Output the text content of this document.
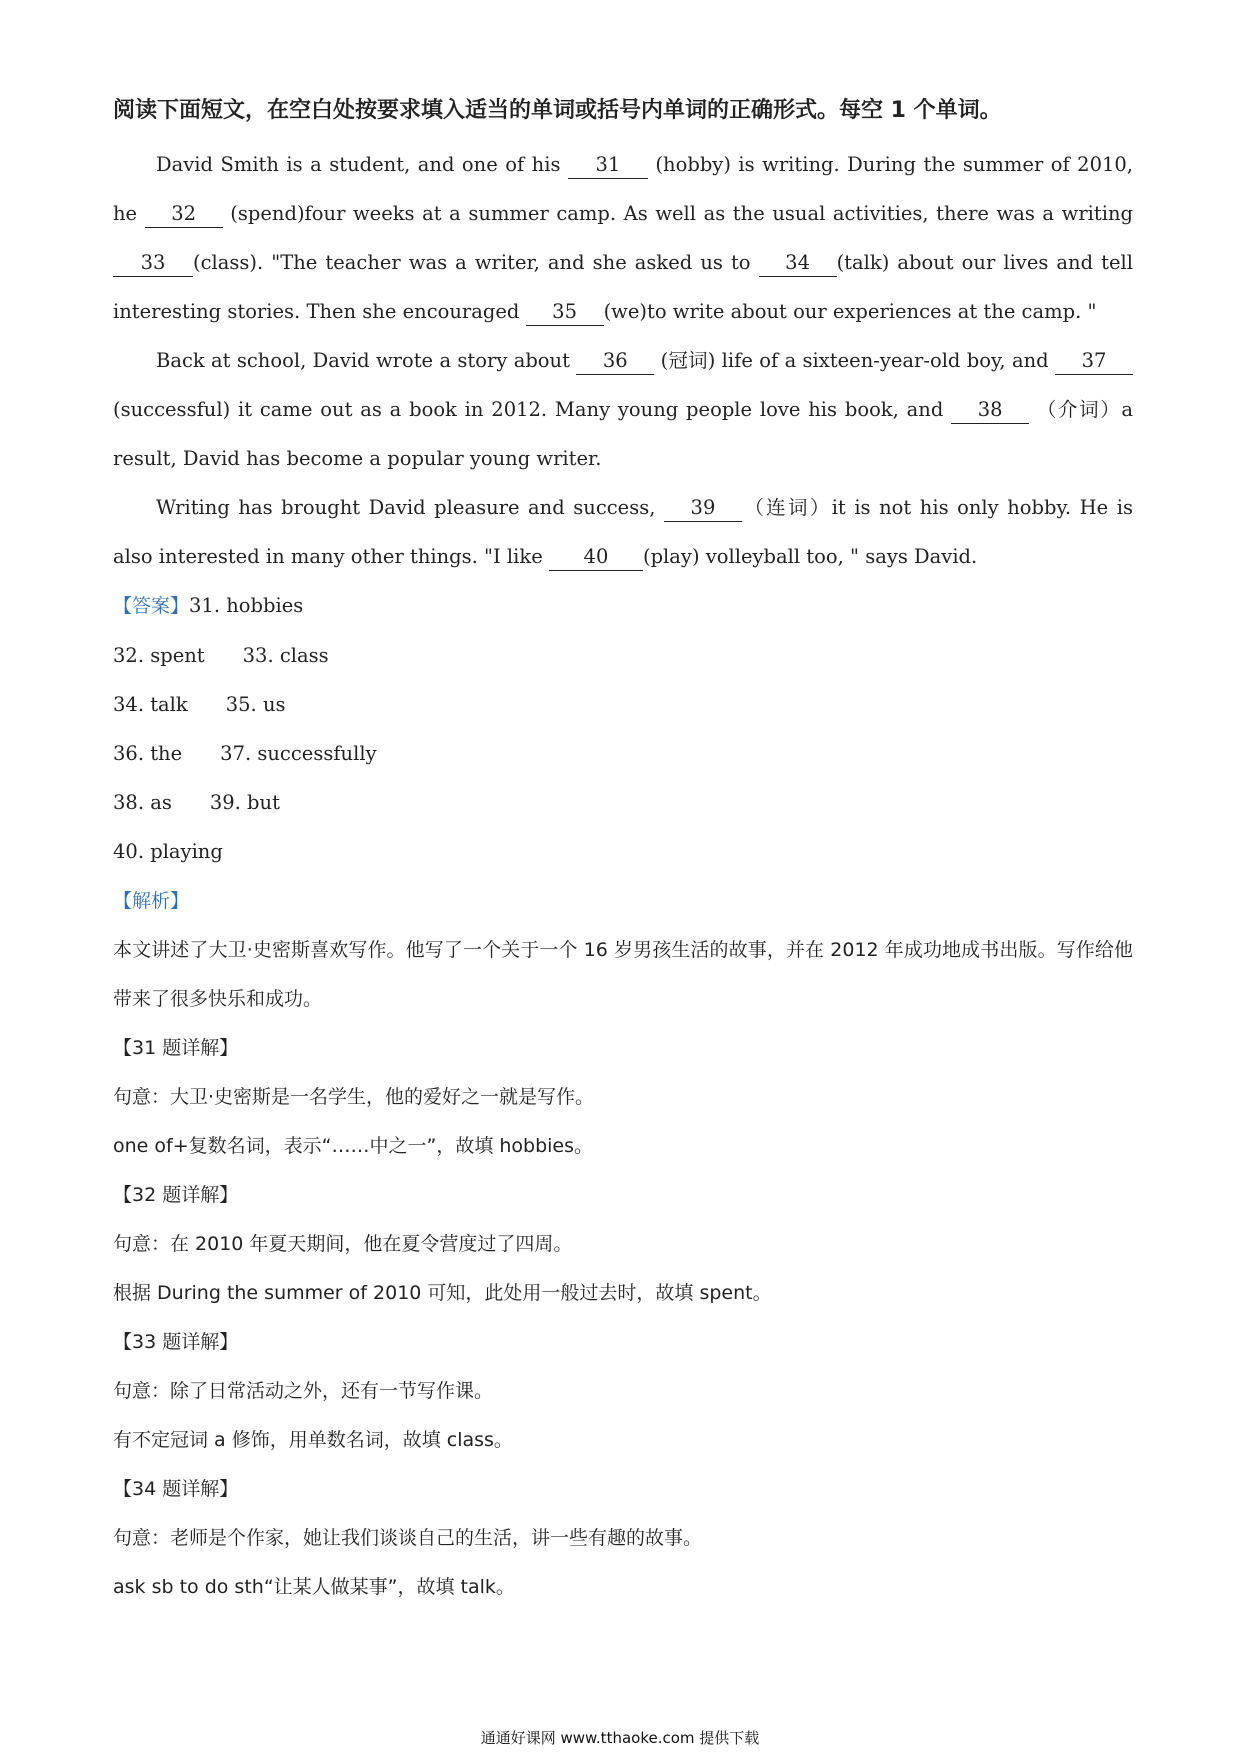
阅读下面短文，在空白处按要求填入适当的单词或括号内单词的正确形式。每空 1 个单词。

David Smith is a student, and one of his 31 (hobby) is writing. During the summer of 2010, he 32 (spend)four weeks at a summer camp. As well as the usual activities, there was a writing 33 (class). "The teacher was a writer, and she asked us to 34 (talk) about our lives and tell interesting stories. Then she encouraged 35 (we)to write about our experiences at the camp. "

Back at school, David wrote a story about 36 (冠词) life of a sixteen-year-old boy, and 37 (successful) it came out as a book in 2012. Many young people love his book, and 38 （介词）a result, David has become a popular young writer.

Writing has brought David pleasure and success, 39 （连词）it is not his only hobby. He is also interested in many other things. "I like 40 (play) volleyball too, " says David.

【答案】31. hobbies

32. spent 33. class

34. talk 35. us

36. the 37. successfully

38. as 39. but

40. playing

【解析】

本文讲述了大卫·史密斯喜欢写作。他写了一个关于一个 16 岁男孩生活的故事，并在 2012 年成功地成书出版。写作给他带来了很多快乐和成功。

【31 题详解】

句意：大卫·史密斯是一名学生，他的爱好之一就是写作。

one of+复数名词，表示“……中之一”，故填 hobbies。

【32 题详解】

句意：在 2010 年夏天期间，他在夏令营度过了四周。

根据 During the summer of 2010 可知，此处用一般过去时，故填 spent。

【33 题详解】

句意：除了日常活动之外，还有一节写作课。

有不定冠词 a 修饰，用单数名词，故填 class。

【34 题详解】

句意：老师是个作家，她让我们谈谈自己的生活，讲一些有趣的故事。

ask sb to do sth“让某人做某事”，故填 talk。

通通好课网 www.tthaoke.com 提供下载
